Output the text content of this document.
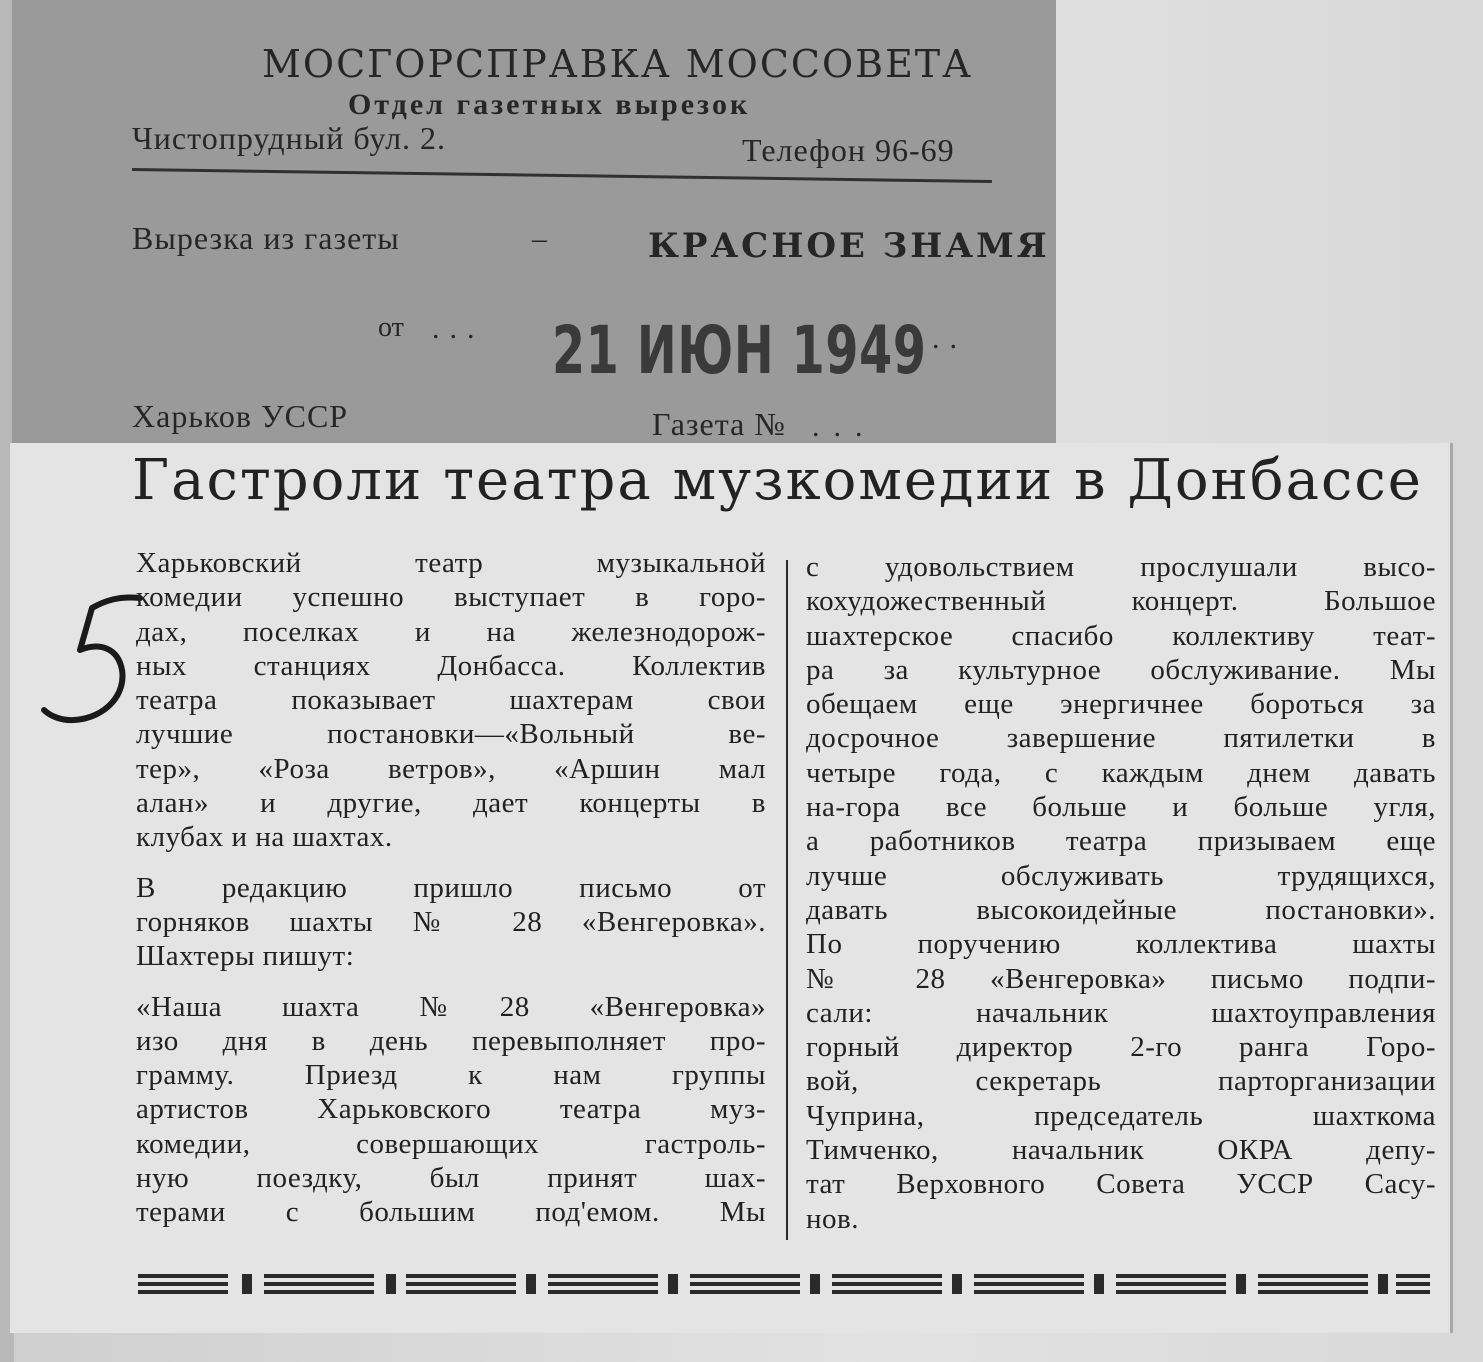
МОСГОРСПРАВКА МОССОВЕТА
Отдел газетных вырезок
Чистопрудный бул. 2.	Телефон 96-69
Вырезка из газеты	–	КРАСНОЕ ЗНАМЯ
от ... 21 ИЮН 1949 ..
Харьков УССР	Газета № ...
Гастроли театра музкомедии в Донбассе

Харьковский театр музыкальной
комедии успешно выступает в горо-
дах, поселках и на железнодорож-
ных станциях Донбасса. Коллектив
театра показывает шахтерам свои
лучшие постановки—«Вольный ве-
тер», «Роза ветров», «Аршин мал

алан» и другие, дает концерты в

клубах и на шахтах.

В редакцию пришло письмо от
горняков шахты № 28 «Венгеровка».

Шахтеры пишут:

«Наша шахта №28 «Венгеровка»
изо дня в день перевыполняет про-
грамму. Приезд к нам группы
артистов Харьковского театра муз-
комедии, совершающих гастроль-
ную поездку, был принят шах-
терами с большим под'емом. Мы

с удовольствием прослушали высо-
кохудожественный концерт. Большое
шахтерское спасибо коллективу теат-
ра за культурное обслуживание. Мы
обещаем еще энергичнее бороться за
досрочное завершение пятилетки в
четыре года, с каждым днем давать
на-гора все больше и больше угля,
а работников театра призываем еще
лучше обслуживать трудящихся,
давать высокоидейные постановки».
По поручению коллектива шахты
№ 28 «Венгеровка» письмо подпи-
сали: начальник шахтоуправления
горный директор 2-го ранга Горо-
вой, секретарь парторганизации
Чуприна, председатель шахткома
Тимченко, начальник ОКРА депу-
тат Верховного Совета УССР Сасу-

нов.
